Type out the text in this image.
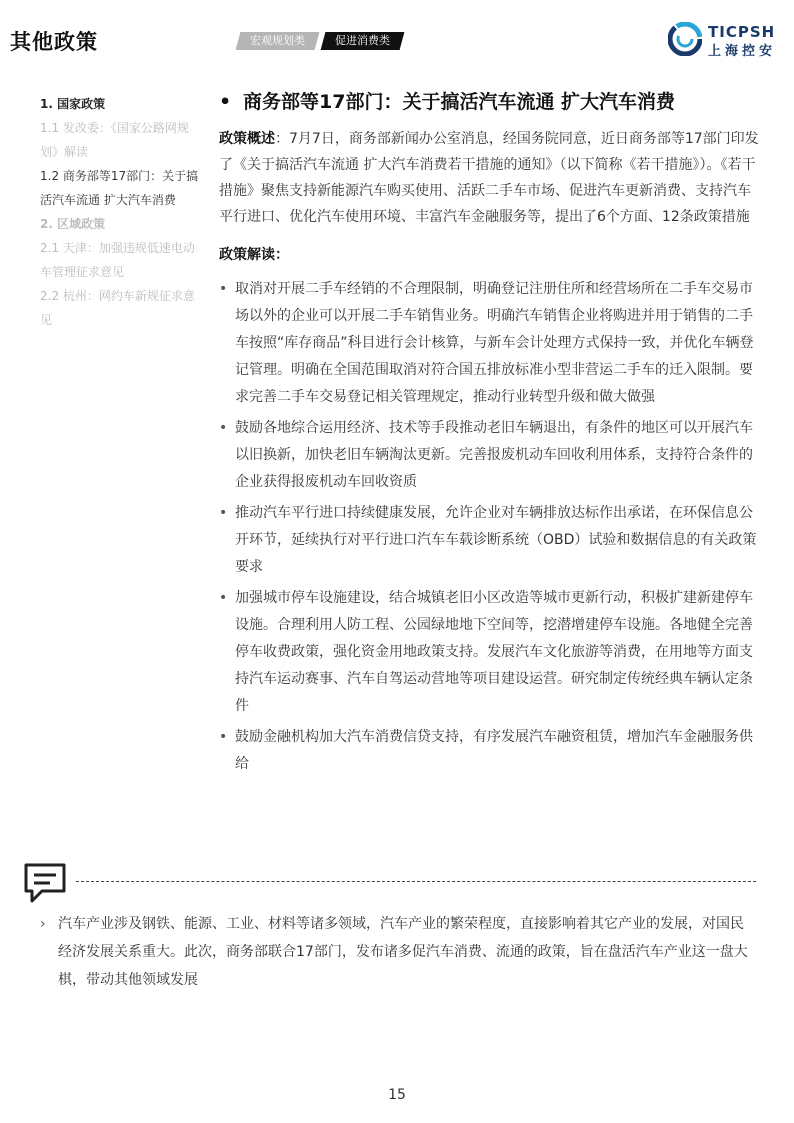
其他政策	宏观规划类	促进消费类	TICPSH
上海控安
1. 国家政策
1.1 发改委：《国家公路网规划》解读
1.2 商务部等17部门：关于搞活汽车流通 扩大汽车消费
2. 区域政策
2.1 天津：加强违规低速电动车管理征求意见
2.2 杭州：网约车新规征求意见
• 商务部等17部门：关于搞活汽车流通 扩大汽车消费

政策概述：7月7日，商务部新闻办公室消息，经国务院同意，近日商务部等17部门印发了《关于搞活汽车流通 扩大汽车消费若干措施的通知》（以下简称《若干措施》）。《若干措施》聚焦支持新能源汽车购买使用、活跃二手车市场、促进汽车更新消费、支持汽车平行进口、优化汽车使用环境、丰富汽车金融服务等，提出了6个方面、12条政策措施

政策解读：
• 取消对开展二手车经销的不合理限制，明确登记注册住所和经营场所在二手车交易市场以外的企业可以开展二手车销售业务。明确汽车销售企业将购进并用于销售的二手车按照“库存商品”科目进行会计核算，与新车会计处理方式保持一致，并优化车辆登记管理。明确在全国范围取消对符合国五排放标准小型非营运二手车的迁入限制。要求完善二手车交易登记相关管理规定，推动行业转型升级和做大做强
• 鼓励各地综合运用经济、技术等手段推动老旧车辆退出，有条件的地区可以开展汽车以旧换新，加快老旧车辆淘汰更新。完善报废机动车回收利用体系，支持符合条件的企业获得报废机动车回收资质
• 推动汽车平行进口持续健康发展，允许企业对车辆排放达标作出承诺，在环保信息公开环节，延续执行对平行进口汽车车载诊断系统（OBD）试验和数据信息的有关政策要求
• 加强城市停车设施建设，结合城镇老旧小区改造等城市更新行动，积极扩建新建停车设施。合理利用人防工程、公园绿地地下空间等，挖潜增建停车设施。各地健全完善停车收费政策，强化资金用地政策支持。发展汽车文化旅游等消费，在用地等方面支持汽车运动赛事、汽车自驾运动营地等项目建设运营。研究制定传统经典车辆认定条件
• 鼓励金融机构加大汽车消费信贷支持，有序发展汽车融资租赁，增加汽车金融服务供给
› 汽车产业涉及钢铁、能源、工业、材料等诸多领域，汽车产业的繁荣程度，直接影响着其它产业的发展，对国民经济发展关系重大。此次，商务部联合17部门，发布诸多促汽车消费、流通的政策，旨在盘活汽车产业这一盘大棋，带动其他领域发展
15
